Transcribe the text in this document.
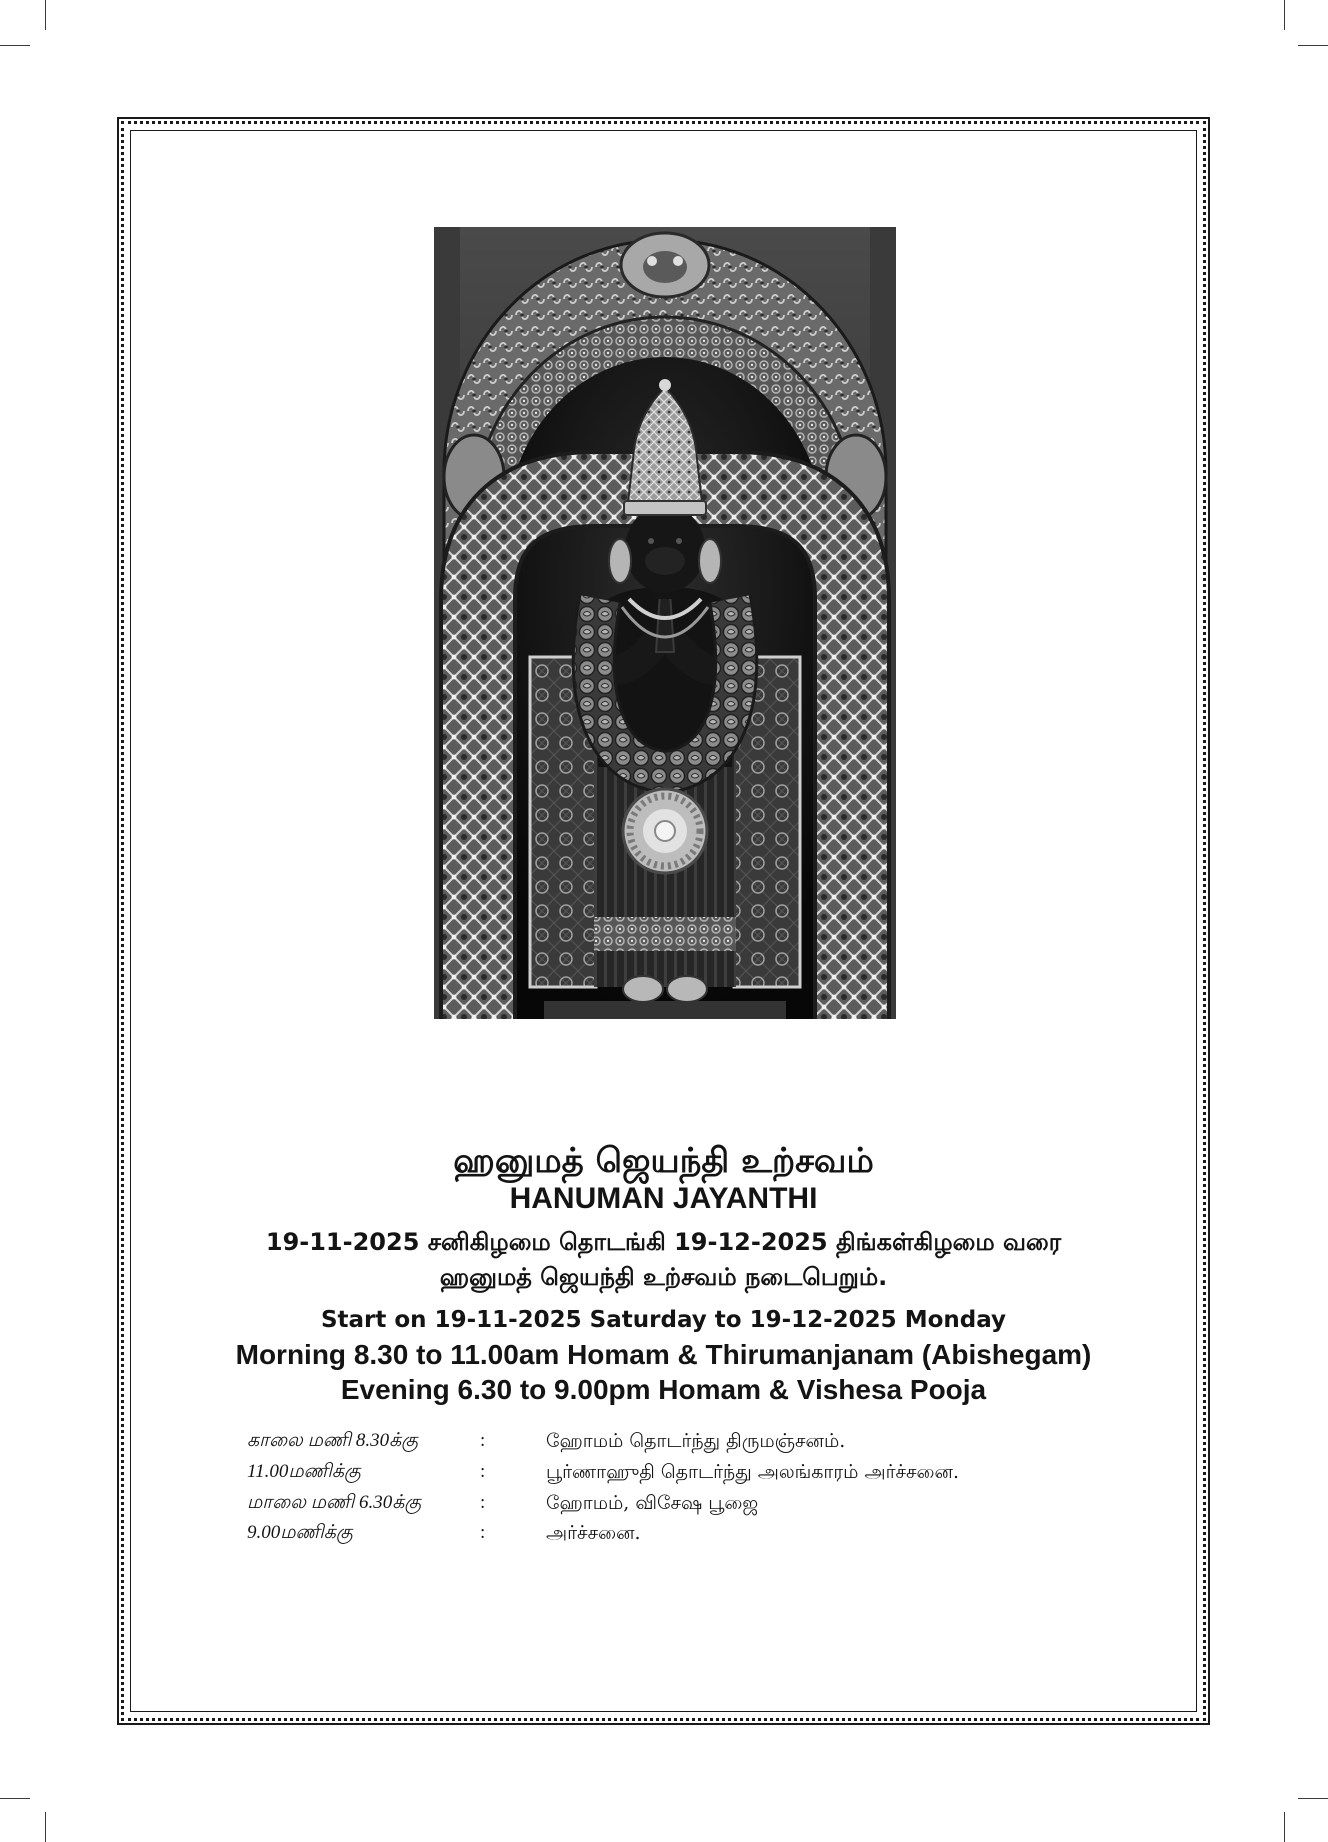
ஹனுமத் ஜெயந்தி உற்சவம்
HANUMAN JAYANTHI
19-11-2025 சனிகிழமை தொடங்கி 19-12-2025 திங்கள்கிழமை வரை
ஹனுமத் ஜெயந்தி உற்சவம் நடைபெறும்.
Start on 19-11-2025 Saturday to 19-12-2025 Monday
Morning 8.30 to 11.00am Homam & Thirumanjanam (Abishegam)
Evening 6.30 to 9.00pm Homam & Vishesa Pooja
காலை மணி 8.30க்கு	:	ஹோமம் தொடர்ந்து திருமஞ்சனம்.
11.00மணிக்கு	:	பூர்ணாஹுதி தொடர்ந்து அலங்காரம் அர்ச்சனை.
மாலை மணி 6.30க்கு	:	ஹோமம், விசேஷ பூஜை
9.00மணிக்கு	:	அர்ச்சனை.
